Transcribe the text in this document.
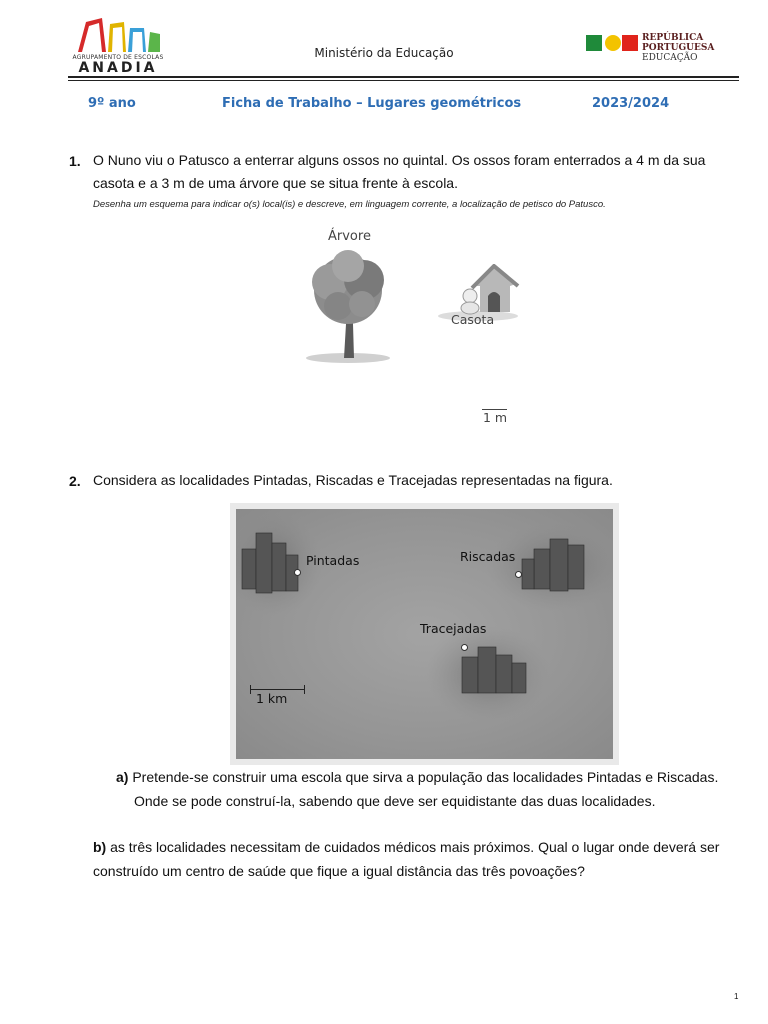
AGRUPAMENTO DE ESCOLAS
ANADIA
Ministério da Educação
REPÚBLICA
PORTUGUESA
EDUCAÇÃO
9º ano	Ficha de Trabalho – Lugares geométricos	2023/2024
1. O Nuno viu o Patusco a enterrar alguns ossos no quintal. Os ossos foram enterrados a 4 m da sua
casota e a 3 m de uma árvore que se situa frente à escola.
Desenha um esquema para indicar o(s) local(is) e descreve, em linguagem corrente, a localização de petisco do Patusco.
Árvore
Casota
1 m
2. Considera as localidades Pintadas, Riscadas e Tracejadas representadas na figura.
Pintadas	Riscadas
Tracejadas
1 km
a) Pretende-se construir uma escola que sirva a população das localidades Pintadas e Riscadas.
Onde se pode construí-la, sabendo que deve ser equidistante das duas localidades.
b) as três localidades necessitam de cuidados médicos mais próximos. Qual o lugar onde deverá ser
construído um centro de saúde que fique a igual distância das três povoações?
1
